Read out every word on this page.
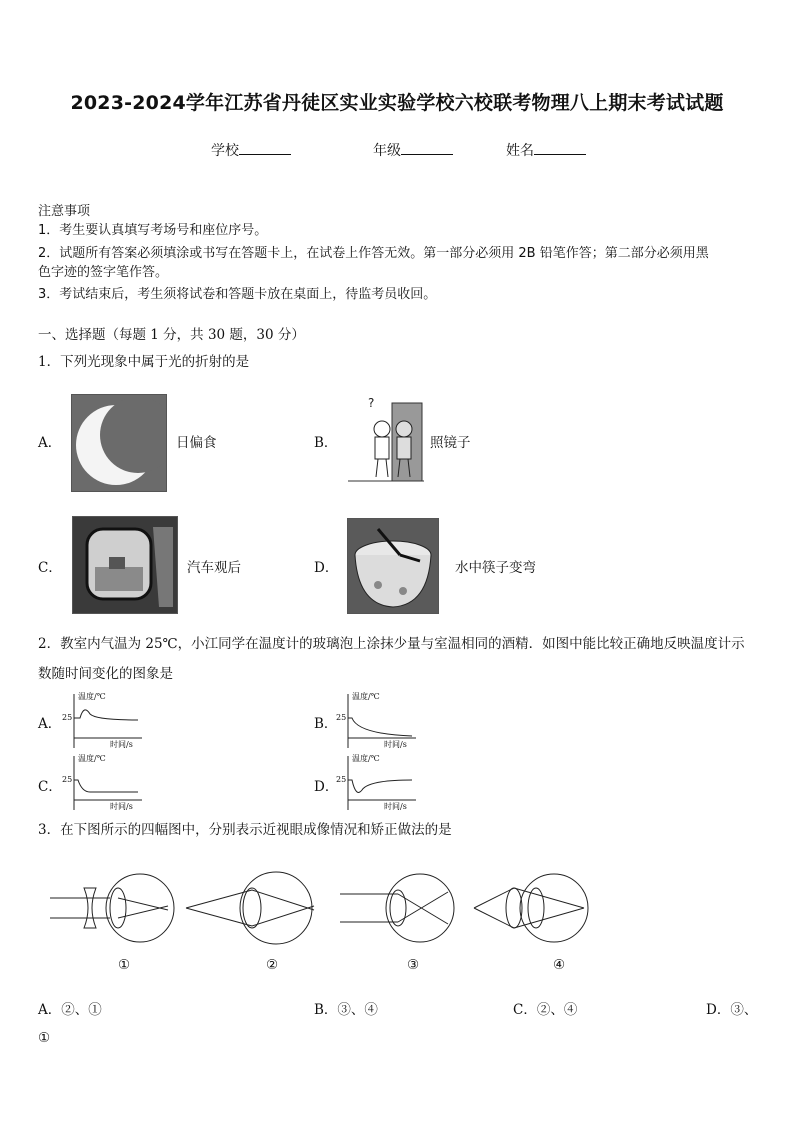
2023-2024学年江苏省丹徒区实业实验学校六校联考物理八上期末考试试题
学校	年级	姓名
注意事项
1．考生要认真填写考场号和座位序号。
2．试题所有答案必须填涂或书写在答题卡上，在试卷上作答无效。第一部分必须用 2B 铅笔作答；第二部分必须用黑
色字迹的签字笔作答。
3．考试结束后，考生须将试卷和答题卡放在桌面上，待监考员收回。
一、选择题（每题 1 分，共 30 题，30 分）
1．下列光现象中属于光的折射的是
A．	日偏食	B．
?
照镜子
C．	汽车观后	D．	水中筷子变弯
2．教室内气温为 25℃，小江同学在温度计的玻璃泡上涂抹少量与室温相同的酒精．如图中能比较正确地反映温度计示
数随时间变化的图象是
A．
温度/℃
25
时间/s
B．
温度/℃
25
时间/s
C．
温度/℃
25
时间/s
D．
温度/℃
25
时间/s
3．在下图所示的四幅图中，分别表示近视眼成像情况和矫正做法的是
①	②	③	④
A．②、①	B．③、④	C．②、④	D．③、
①
